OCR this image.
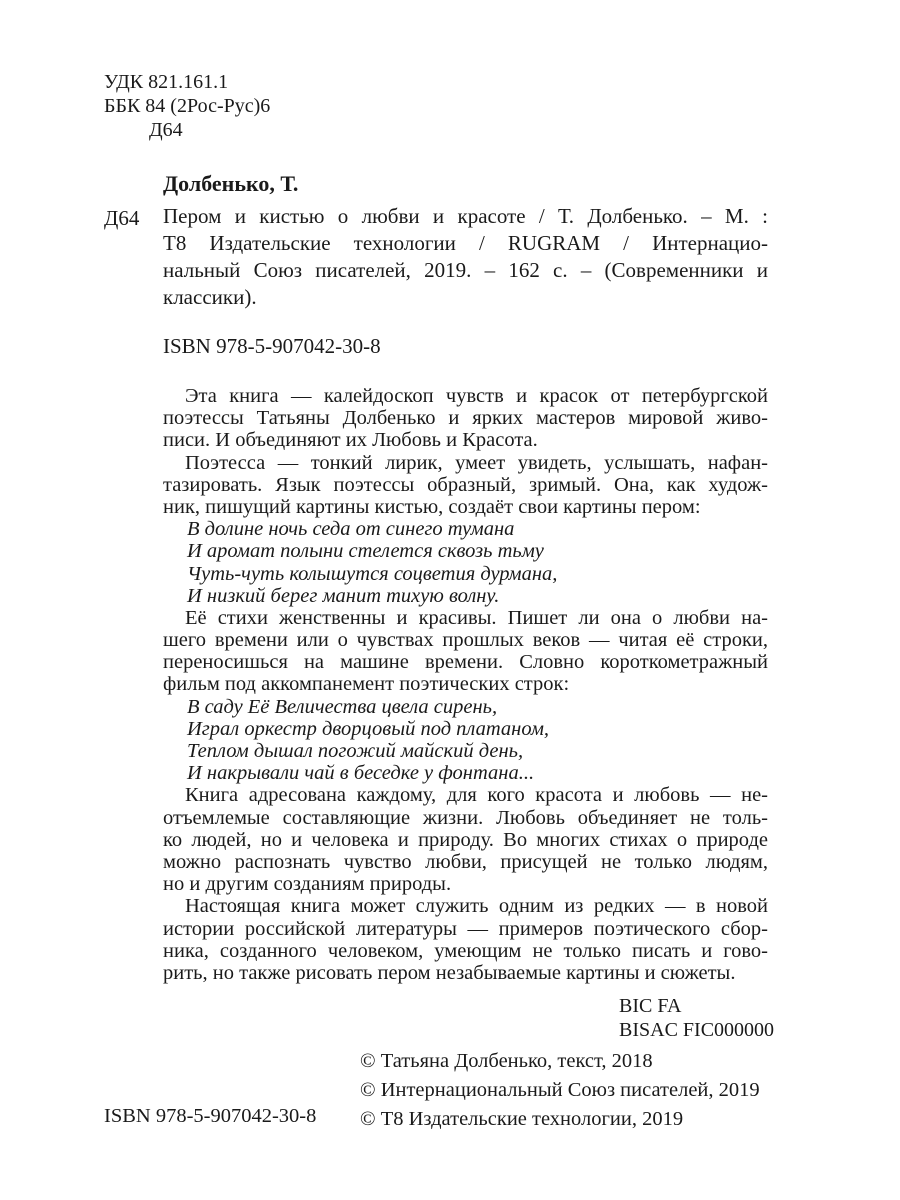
УДК 821.161.1
ББК 84 (2Рос-Рус)6
Д64
Долбенько, Т.
Д64 Пером и кистью о любви и красоте / Т. Долбенько. – М. :
Т8 Издательские технологии / RUGRAM / Интернацио-
нальный Союз писателей, 2019. – 162 с. – (Современники и
классики).
ISBN 978-5-907042-30-8
Эта книга — калейдоскоп чувств и красок от петербургской
поэтессы Татьяны Долбенько и ярких мастеров мировой живо-
писи. И объединяют их Любовь и Красота.
Поэтесса — тонкий лирик, умеет увидеть, услышать, нафан-
тазировать. Язык поэтессы образный, зримый. Она, как худож-
ник, пишущий картины кистью, создаёт свои картины пером:
В долине ночь седа от синего тумана
И аромат полыни стелется сквозь тьму
Чуть-чуть колышутся соцветия дурмана,
И низкий берег манит тихую волну.
Её стихи женственны и красивы. Пишет ли она о любви на-
шего времени или о чувствах прошлых веков — читая её строки,
переносишься на машине времени. Словно короткометражный
фильм под аккомпанемент поэтических строк:
В саду Её Величества цвела сирень,
Играл оркестр дворцовый под платаном,
Теплом дышал погожий майский день,
И накрывали чай в беседке у фонтана...
Книга адресована каждому, для кого красота и любовь — не-
отъемлемые составляющие жизни. Любовь объединяет не толь-
ко людей, но и человека и природу. Во многих стихах о природе
можно распознать чувство любви, присущей не только людям,
но и другим созданиям природы.
Настоящая книга может служить одним из редких — в новой
истории российской литературы — примеров поэтического сбор-
ника, созданного человеком, умеющим не только писать и гово-
рить, но также рисовать пером незабываемые картины и сюжеты.
BIC FA
BISAC FIC000000
© Татьяна Долбенько, текст, 2018
© Интернациональный Союз писателей, 2019
© Т8 Издательские технологии, 2019
ISBN 978-5-907042-30-8
